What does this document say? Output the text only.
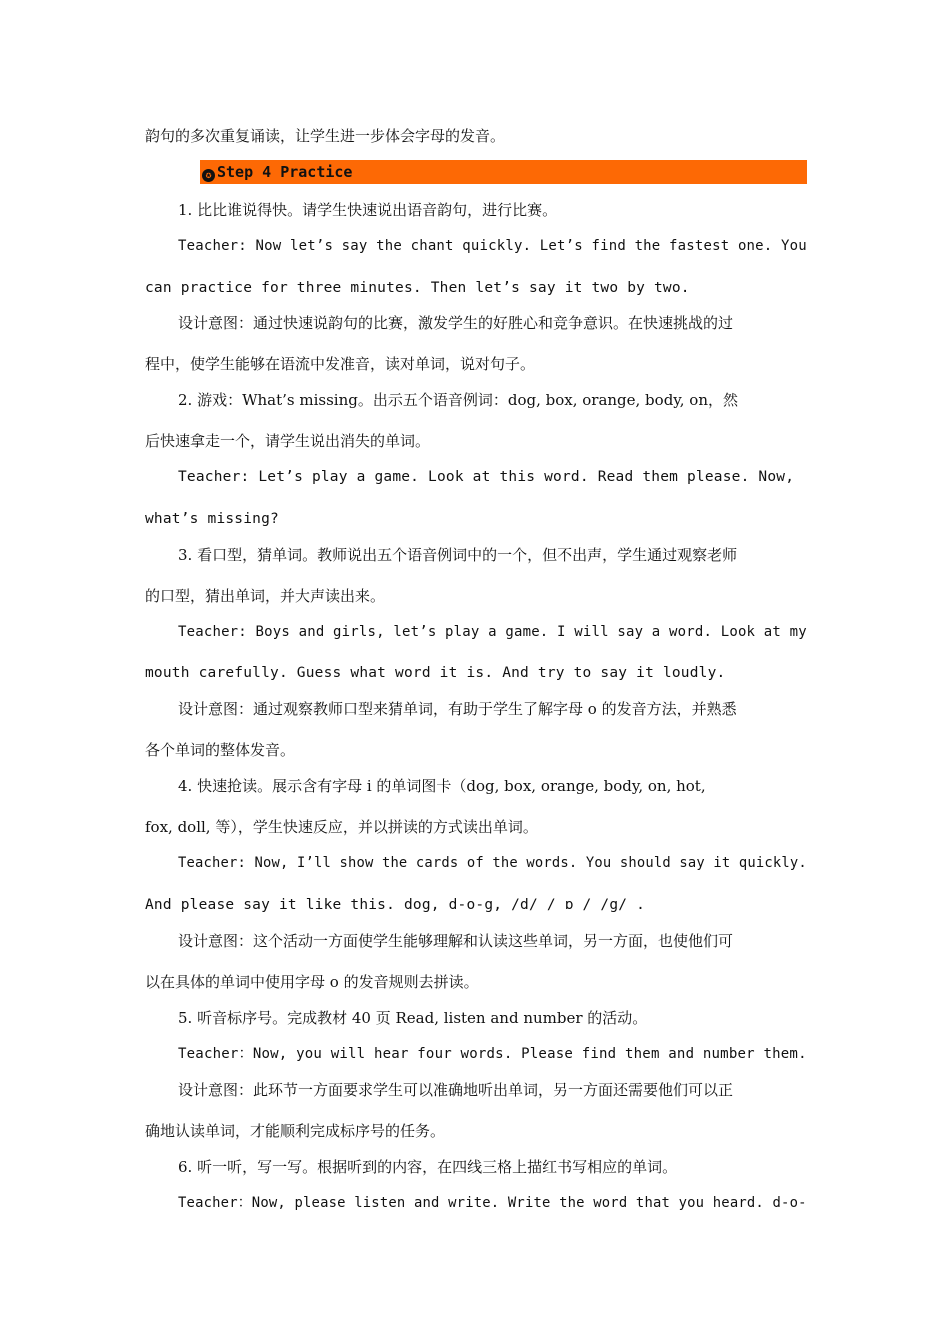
韵句的多次重复诵读，让学生进一步体会字母的发音。
✪ Step 4 Practice
1. 比比谁说得快。请学生快速说出语音韵句，进行比赛。
Teacher: Now let’s say the chant quickly. Let’s find the fastest one. You
can practice for three minutes. Then let’s say it two by two.
设计意图：通过快速说韵句的比赛，激发学生的好胜心和竞争意识。在快速挑战的过
程中，使学生能够在语流中发准音，读对单词，说对句子。
2. 游戏：What’s missing。出示五个语音例词：dog, box, orange, body, on，然
后快速拿走一个，请学生说出消失的单词。
Teacher: Let’s play a game. Look at this word. Read them please. Now,
what’s missing?
3. 看口型，猜单词。教师说出五个语音例词中的一个，但不出声，学生通过观察老师
的口型，猜出单词，并大声读出来。
Teacher: Boys and girls, let’s play a game. I will say a word. Look at my
mouth carefully. Guess what word it is. And try to say it loudly.
设计意图：通过观察教师口型来猜单词，有助于学生了解字母 o 的发音方法，并熟悉
各个单词的整体发音。
4. 快速抢读。展示含有字母 i 的单词图卡（dog, box, orange, body, on, hot,
fox, doll, 等），学生快速反应，并以拼读的方式读出单词。
Teacher: Now, I’ll show the cards of the words. You should say it quickly.
And please say it like this. dog, d-o-g, /d/ / ɒ / /g/ .
设计意图：这个活动一方面使学生能够理解和认读这些单词，另一方面，也使他们可
以在具体的单词中使用字母 o 的发音规则去拼读。
5. 听音标序号。完成教材 40 页 Read, listen and number 的活动。
Teacher：Now, you will hear four words. Please find them and number them.
设计意图：此环节一方面要求学生可以准确地听出单词，另一方面还需要他们可以正
确地认读单词，才能顺利完成标序号的任务。
6. 听一听，写一写。根据听到的内容，在四线三格上描红书写相应的单词。
Teacher：Now, please listen and write. Write the word that you heard. d-o-
